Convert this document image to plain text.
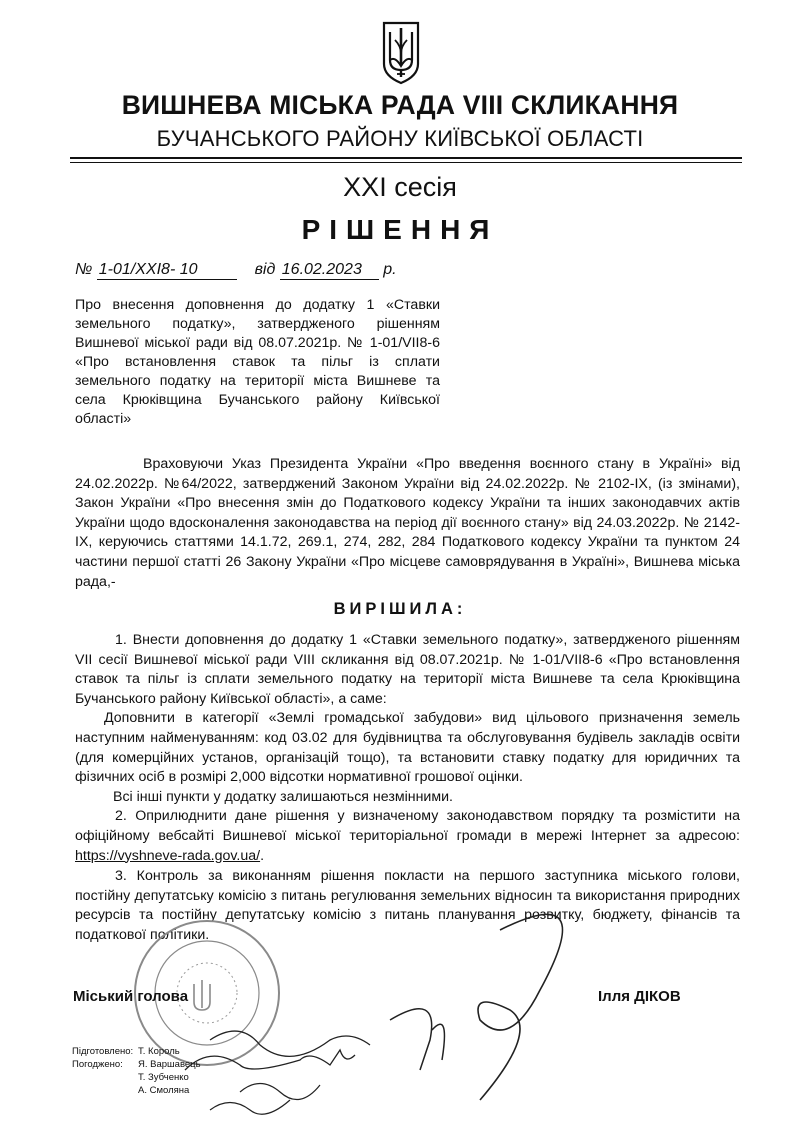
ВИШНЕВА МІСЬКА РАДА VIII СКЛИКАННЯ
БУЧАНСЬКОГО РАЙОНУ КИЇВСЬКОЇ ОБЛАСТІ
XXI сесія
РІШЕННЯ
№ 1-01/XXI8- 10	від 16.02.2023 р.
Про внесення доповнення до додатку 1 «Ставки земельного податку», затвердженого рішенням Вишневої міської ради від 08.07.2021р. № 1-01/VII8-6 «Про встановлення ставок та пільг із сплати земельного податку на території міста Вишневе та села Крюківщина Бучанського району Київської області»
Враховуючи Указ Президента України «Про введення воєнного стану в Україні» від 24.02.2022р. №64/2022, затверджений Законом України від 24.02.2022р. № 2102-ІХ, (із змінами), Закон України «Про внесення змін до Податкового кодексу України та інших законодавчих актів України щодо вдосконалення законодавства на період дії воєнного стану» від 24.03.2022р. № 2142-ІХ, керуючись статтями 14.1.72, 269.1, 274, 282, 284 Податкового кодексу України та пунктом 24 частини першої статті 26 Закону України «Про місцеве самоврядування в Україні», Вишнева міська рада,-
ВИРІШИЛА:

1. Внести доповнення до додатку 1 «Ставки земельного податку», затвердженого рішенням VII сесії Вишневої міської ради VIII скликання від 08.07.2021р. № 1-01/VII8-6 «Про встановлення ставок та пільг із сплати земельного податку на території міста Вишневе та села Крюківщина Бучанського району Київської області», а саме:

Доповнити в категорії «Землі громадської забудови» вид цільового призначення земель наступним найменуванням: код 03.02 для будівництва та обслуговування будівель закладів освіти (для комерційних установ, організацій тощо), та встановити ставку податку для юридичних та фізичних осіб в розмірі 2,000 відсотки нормативної грошової оцінки.

Всі інші пункти у додатку залишаються незмінними.

2. Оприлюднити дане рішення у визначеному законодавством порядку та розмістити на офіційному вебсайті Вишневої міської територіальної громади в мережі Інтернет за адресою: https://vyshneve-rada.gov.ua/.

3. Контроль за виконанням рішення покласти на першого заступника міського голови, постійну депутатську комісію з питань регулювання земельних відносин та використання природних ресурсів та постійну депутатську комісію з питань планування розвитку, бюджету, фінансів та податкової політики.

Міський голова	Ілля ДІКОВ
Підготовлено: Т. Король
Погоджено: Я. Варшавець
Т. Зубченко
А. Смоляна
